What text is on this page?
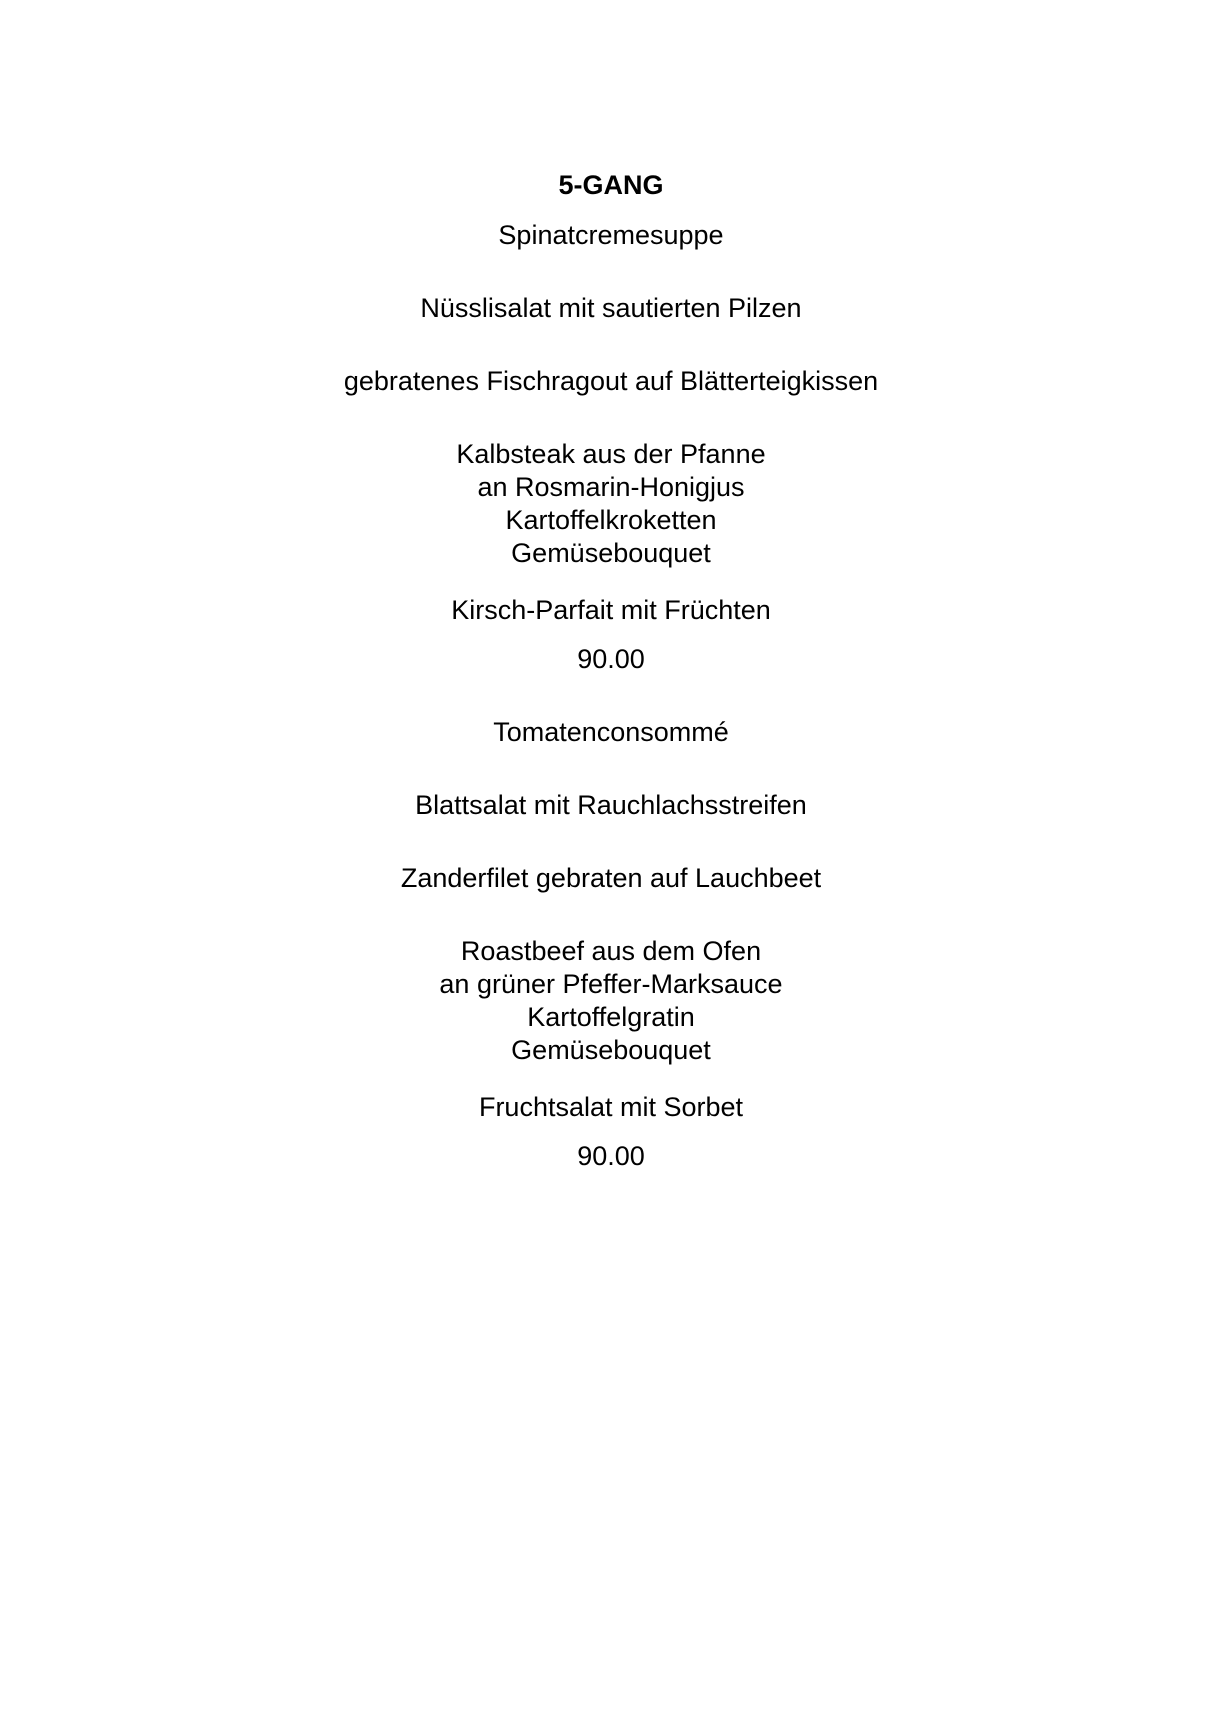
5-GANG
Spinatcremesuppe
Nüsslisalat mit sautierten Pilzen
gebratenes Fischragout auf Blätterteigkissen
Kalbsteak aus der Pfanne
an Rosmarin-Honigjus
Kartoffelkroketten
Gemüsebouquet
Kirsch-Parfait mit Früchten
90.00
Tomatenconsommé
Blattsalat mit Rauchlachsstreifen
Zanderfilet gebraten auf Lauchbeet
Roastbeef aus dem Ofen
an grüner Pfeffer-Marksauce
Kartoffelgratin
Gemüsebouquet
Fruchtsalat mit Sorbet
90.00
